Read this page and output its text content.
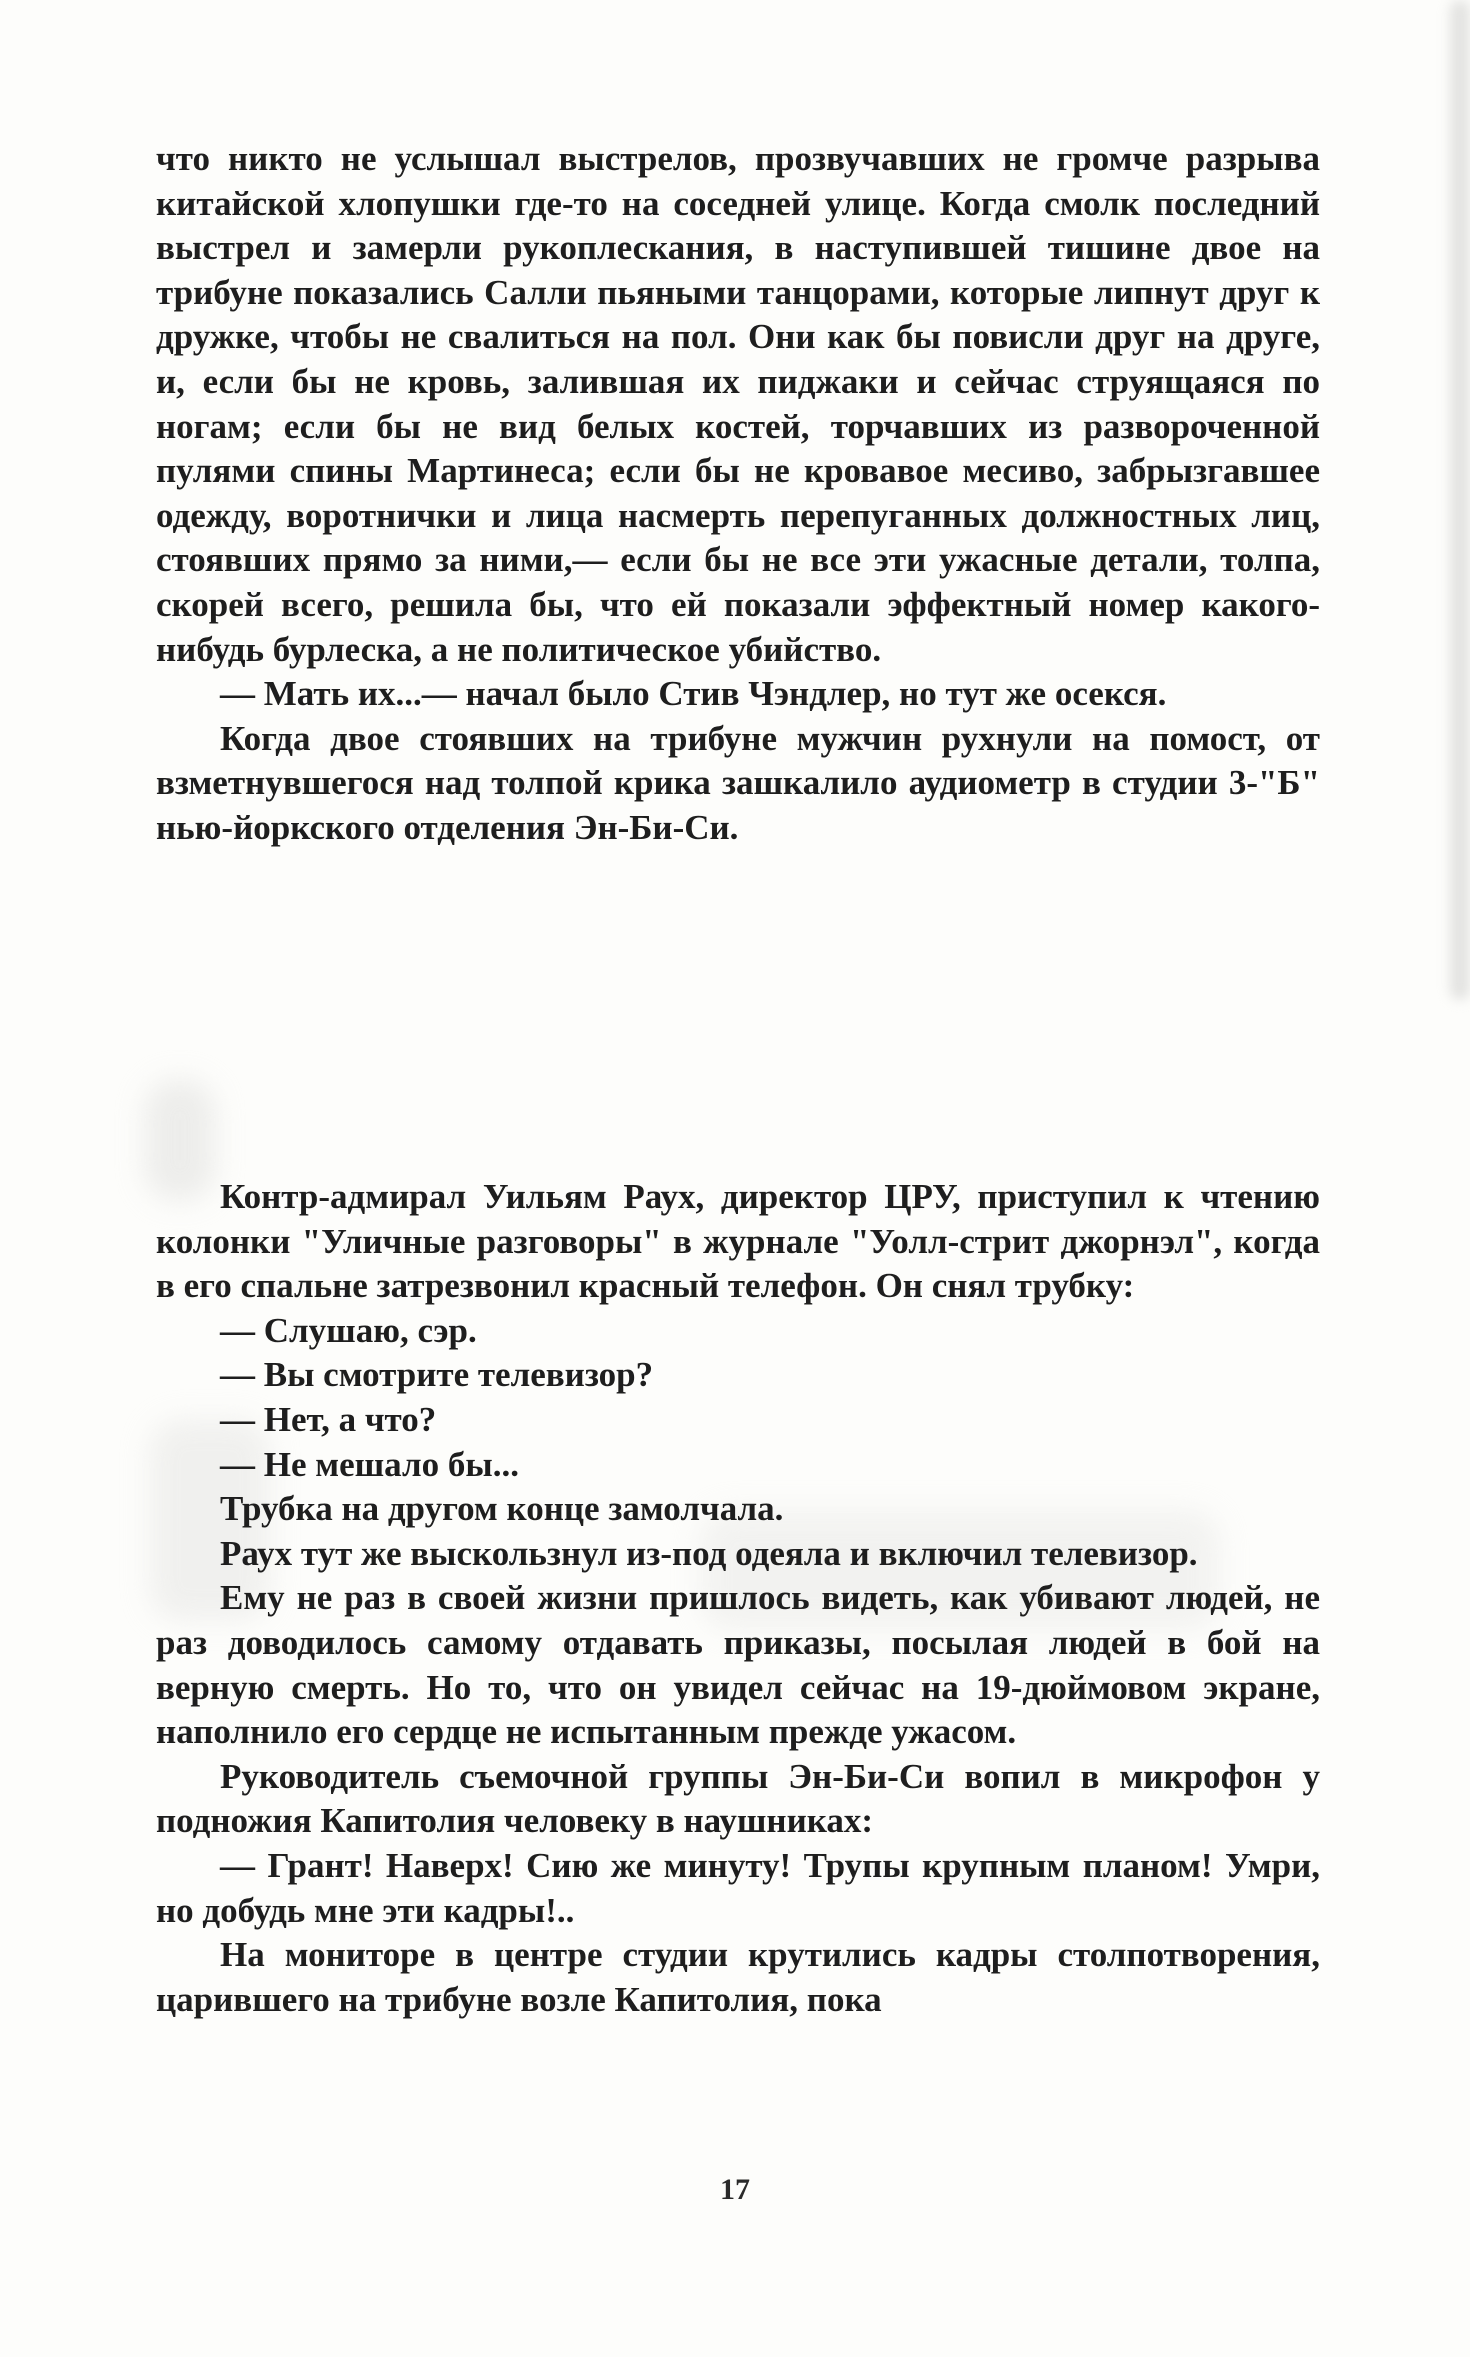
что никто не услышал выстрелов, прозвучавших не громче разрыва китайской хлопушки где-то на соседней улице. Когда смолк последний выстрел и замерли рукоплескания, в наступившей тишине двое на трибуне показались Салли пьяными танцорами, которые липнут друг к дружке, чтобы не свалиться на пол. Они как бы повисли друг на друге, и, если бы не кровь, залившая их пиджаки и сейчас струящаяся по ногам; если бы не вид белых костей, торчавших из развороченной пулями спины Мартинеса; если бы не кровавое месиво, забрызгавшее одежду, воротнички и лица насмерть перепуганных должностных лиц, стоявших прямо за ними,— если бы не все эти ужасные детали, толпа, скорей всего, решила бы, что ей показали эффектный номер какого-нибудь бурлеска, а не политическое убийство.

— Мать их...— начал было Стив Чэндлер, но тут же осекся.

Когда двое стоявших на трибуне мужчин рухнули на помост, от взметнувшегося над толпой крика зашкалило аудиометр в студии 3-"Б" нью-йоркского отделения Эн-Би-Си.

Контр-адмирал Уильям Раух, директор ЦРУ, приступил к чтению колонки "Уличные разговоры" в журнале "Уолл-стрит джорнэл", когда в его спальне затрезвонил красный телефон. Он снял трубку:

— Слушаю, сэр.

— Вы смотрите телевизор?

— Нет, а что?

— Не мешало бы...

Трубка на другом конце замолчала.

Раух тут же выскользнул из-под одеяла и включил телевизор.

Ему не раз в своей жизни пришлось видеть, как убивают людей, не раз доводилось самому отдавать приказы, посылая людей в бой на верную смерть. Но то, что он увидел сейчас на 19-дюймовом экране, наполнило его сердце не испытанным прежде ужасом.

Руководитель съемочной группы Эн-Би-Си вопил в микрофон у подножия Капитолия человеку в наушниках:

— Грант! Наверх! Сию же минуту! Трупы крупным планом! Умри, но добудь мне эти кадры!..

На мониторе в центре студии крутились кадры столпотворения, царившего на трибуне возле Капитолия, пока

17
